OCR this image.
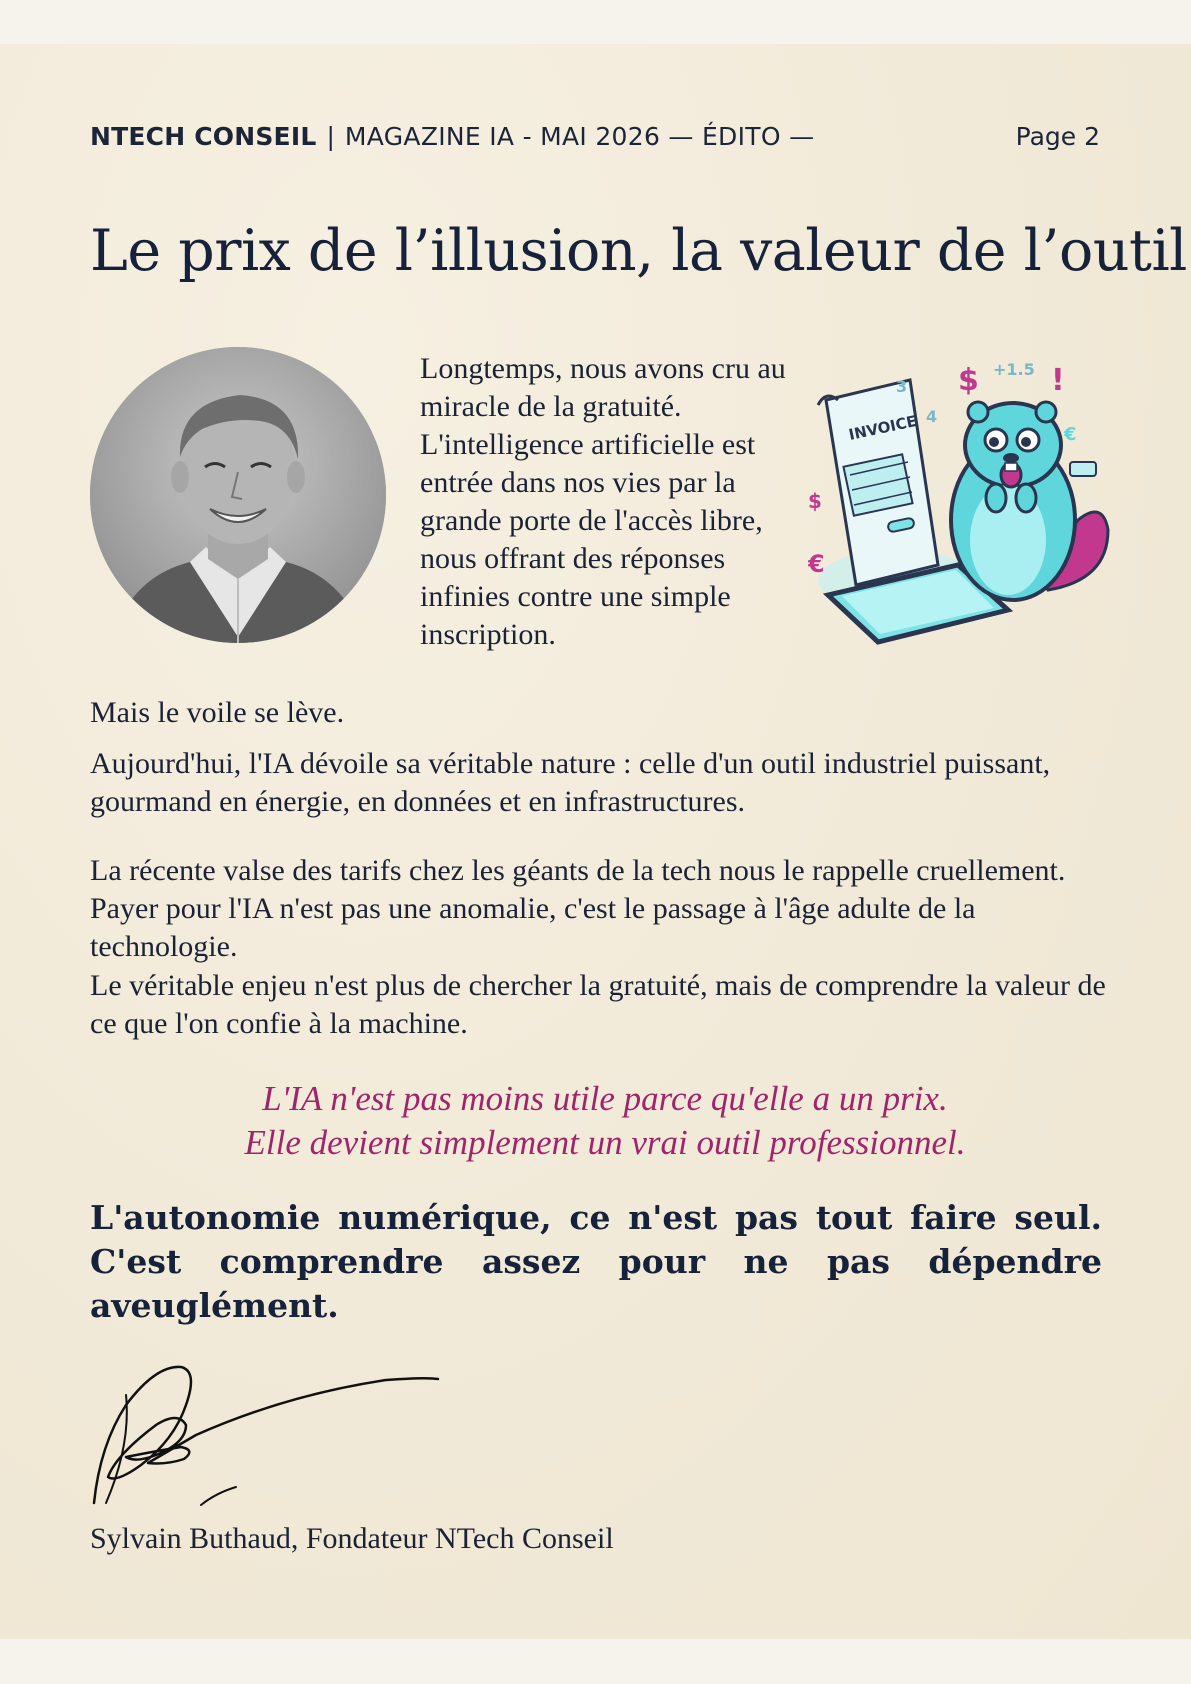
NTECH CONSEIL | MAGAZINE IA - MAI 2026 — ÉDITO —	Page 2
Le prix de l’illusion, la valeur de l’outil

Longtemps, nous avons cru au miracle de la gratuité. L'intelligence artificielle est entrée dans nos vies par la grande porte de l'accès libre, nous offrant des réponses infinies contre une simple inscription.

INVOICE
$ +1.5
3
4
$
€
€
!

Mais le voile se lève.

Aujourd'hui, l'IA dévoile sa véritable nature : celle d'un outil industriel puissant, gourmand en énergie, en données et en infrastructures.

La récente valse des tarifs chez les géants de la tech nous le rappelle cruellement. Payer pour l'IA n'est pas une anomalie, c'est le passage à l'âge adulte de la technologie.

Le véritable enjeu n'est plus de chercher la gratuité, mais de comprendre la valeur de ce que l'on confie à la machine.

L'IA n'est pas moins utile parce qu'elle a un prix.
Elle devient simplement un vrai outil professionnel.

L'autonomie numérique, ce n'est pas tout faire seul. C'est comprendre assez pour ne pas dépendre aveuglément.

Sylvain Buthaud, Fondateur NTech Conseil
